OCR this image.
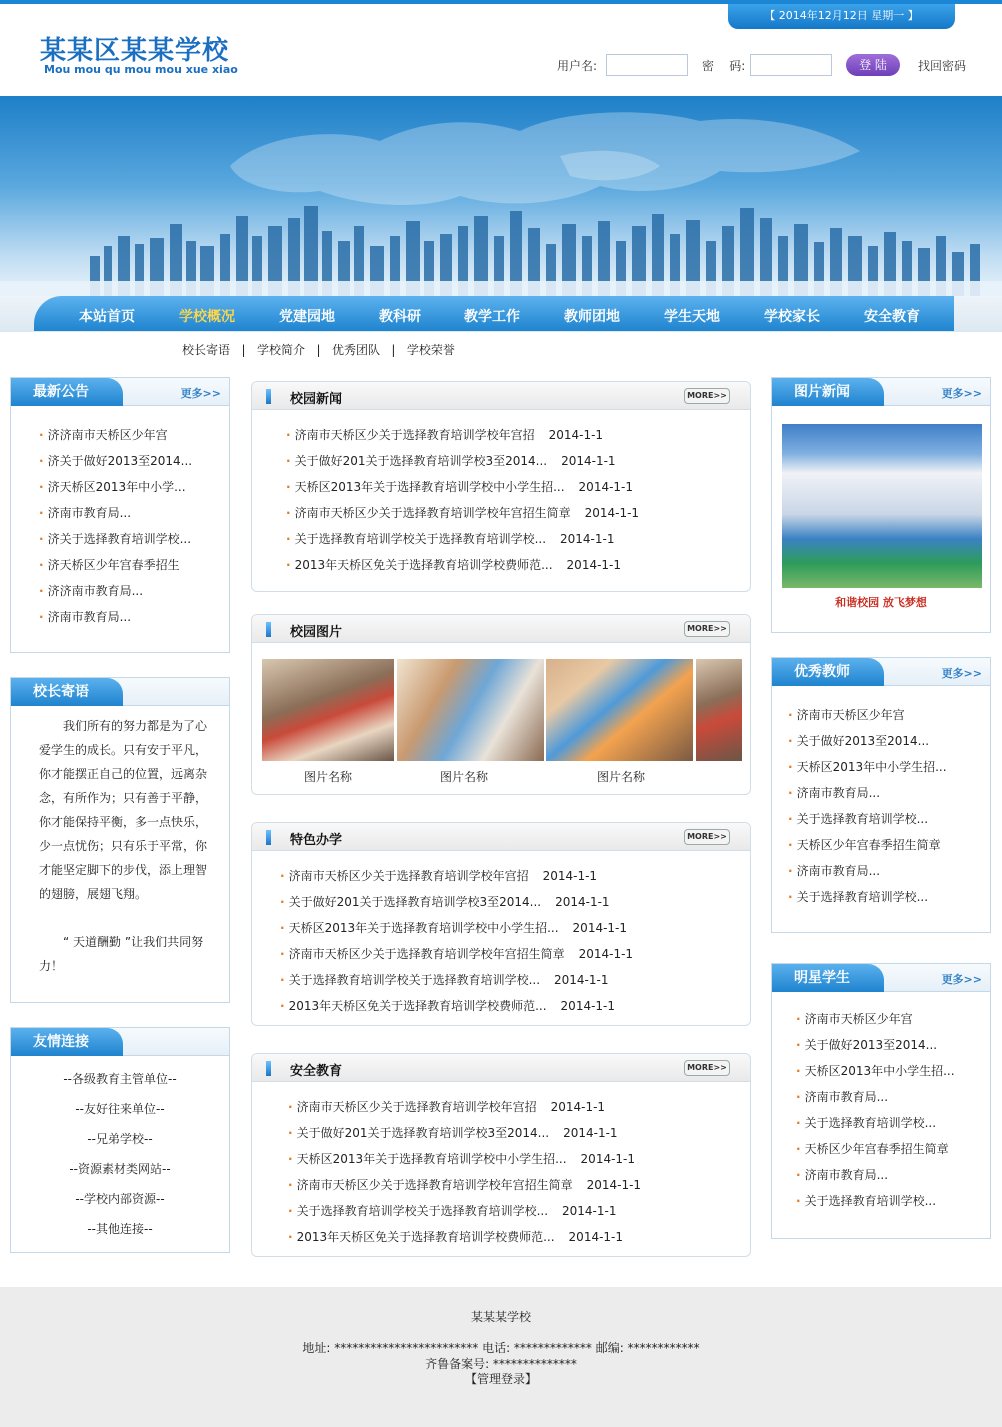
【 2014年12月12日 星期一 】
某某区某某学校
Mou mou qu mou mou xue xiao	用户名:	密    码:	登 陆	找回密码
本站首页	学校概况	党建园地	教科研	教学工作	教师团地	学生天地	学校家长	安全教育
校长寄语 | 学校简介 | 优秀团队 | 学校荣誉
最新公告	更多>>
· 济济南市天桥区少年宫
· 济关于做好2013至2014...
· 济天桥区2013年中小学...
· 济南市教育局...
· 济关于选择教育培训学校...
· 济天桥区少年宫春季招生
· 济济南市教育局...
· 济南市教育局...
校长寄语
我们所有的努力都是为了心爱学生的成长。只有安于平凡，你才能摆正自己的位置，远离杂念，有所作为；只有善于平静，你才能保持平衡，多一点快乐，少一点忧伤；只有乐于平常，你才能坚定脚下的步伐，添上理智的翅膀，展翅飞翔。
“ 天道酬勤 ”让我们共同努力！
友情连接
--各级教育主管单位--
--友好往来单位--
--兄弟学校--
--资源素材类网站--
--学校内部资源--
--其他连接--
校园新闻	MORE>>
· 济南市天桥区少关于选择教育培训学校年宫招 2014-1-1
· 关于做好201关于选择教育培训学校3至2014... 2014-1-1
· 天桥区2013年关于选择教育培训学校中小学生招... 2014-1-1
· 济南市天桥区少关于选择教育培训学校年宫招生简章 2014-1-1
· 关于选择教育培训学校关于选择教育培训学校... 2014-1-1
· 2013年天桥区免关于选择教育培训学校费师范... 2014-1-1
校园图片	MORE>>
图片名称	图片名称	图片名称
特色办学	MORE>>
· 济南市天桥区少关于选择教育培训学校年宫招 2014-1-1
· 关于做好201关于选择教育培训学校3至2014... 2014-1-1
· 天桥区2013年关于选择教育培训学校中小学生招... 2014-1-1
· 济南市天桥区少关于选择教育培训学校年宫招生简章 2014-1-1
· 关于选择教育培训学校关于选择教育培训学校... 2014-1-1
· 2013年天桥区免关于选择教育培训学校费师范... 2014-1-1
安全教育	MORE>>
· 济南市天桥区少关于选择教育培训学校年宫招 2014-1-1
· 关于做好201关于选择教育培训学校3至2014... 2014-1-1
· 天桥区2013年关于选择教育培训学校中小学生招... 2014-1-1
· 济南市天桥区少关于选择教育培训学校年宫招生简章 2014-1-1
· 关于选择教育培训学校关于选择教育培训学校... 2014-1-1
· 2013年天桥区免关于选择教育培训学校费师范... 2014-1-1
图片新闻	更多>>
和谐校园 放飞梦想
优秀教师	更多>>
· 济南市天桥区少年宫
· 关于做好2013至2014...
· 天桥区2013年中小学生招...
· 济南市教育局...
· 关于选择教育培训学校...
· 天桥区少年宫春季招生简章
· 济南市教育局...
· 关于选择教育培训学校...
明星学生	更多>>
· 济南市天桥区少年宫
· 关于做好2013至2014...
· 天桥区2013年中小学生招...
· 济南市教育局...
· 关于选择教育培训学校...
· 天桥区少年宫春季招生简章
· 济南市教育局...
· 关于选择教育培训学校...
某某某学校
地址: ************************ 电话: ************* 邮编: ************
齐鲁备案号: **************
【管理登录】
